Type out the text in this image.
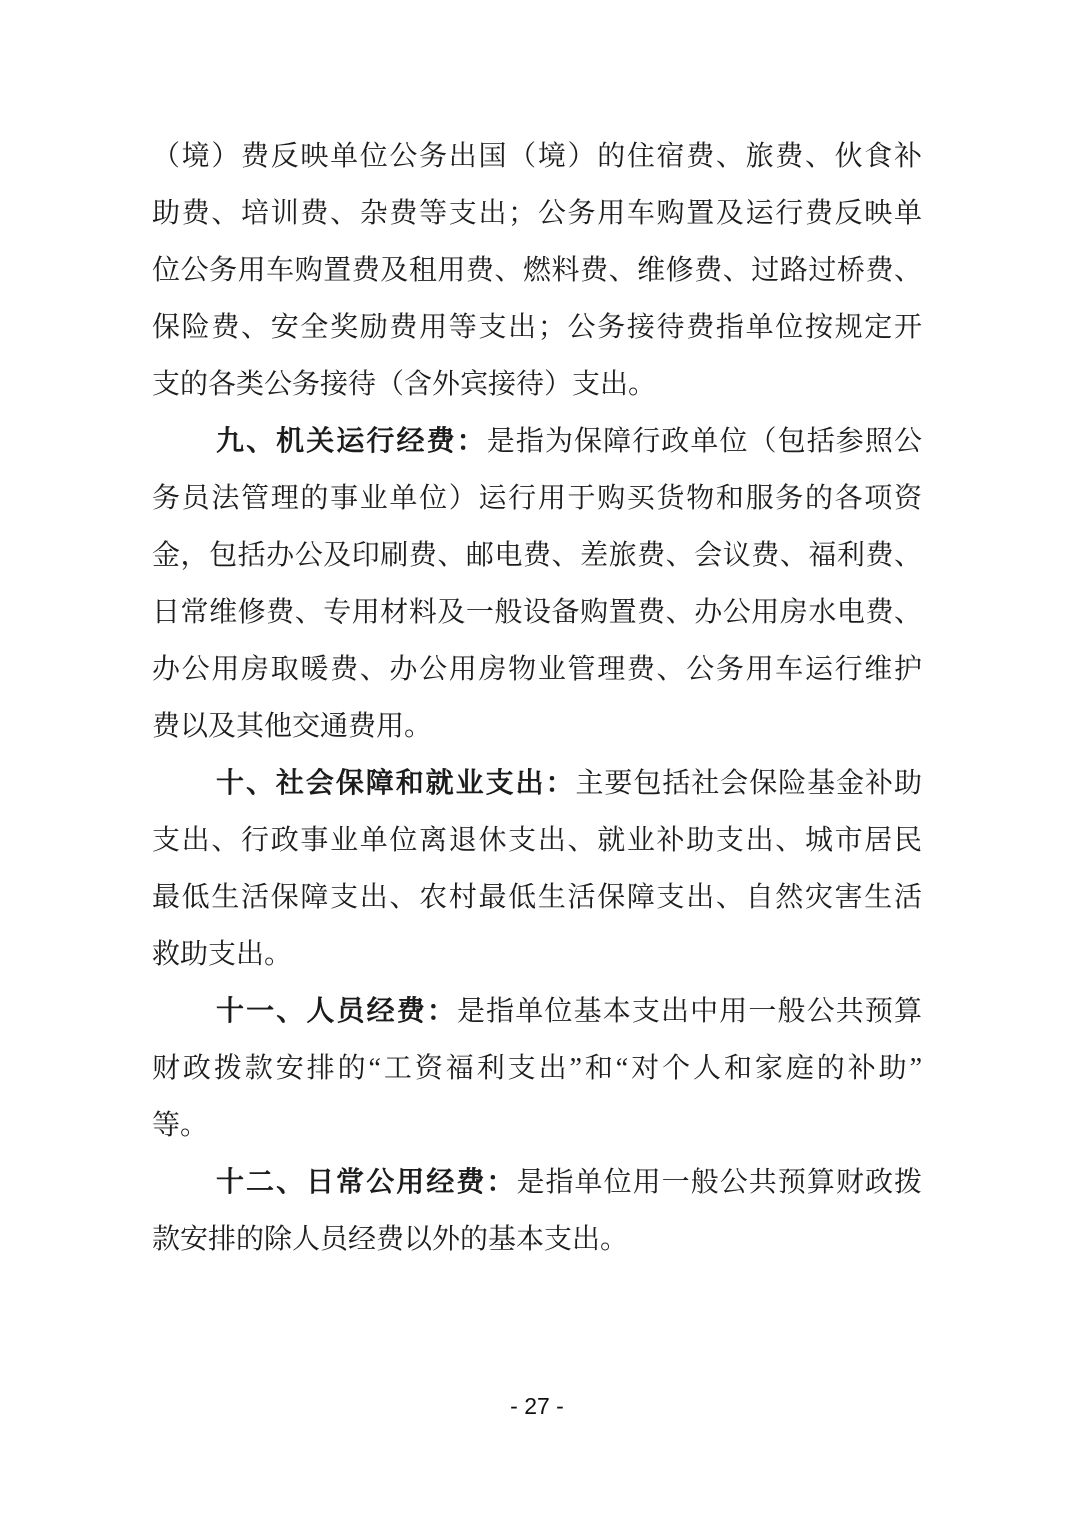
（境）费反映单位公务出国（境）的住宿费、旅费、伙食补
助费、培训费、杂费等支出；公务用车购置及运行费反映单
位公务用车购置费及租用费、燃料费、维修费、过路过桥费、
保险费、安全奖励费用等支出；公务接待费指单位按规定开
支的各类公务接待（含外宾接待）支出。
九、机关运行经费：是指为保障行政单位（包括参照公
务员法管理的事业单位）运行用于购买货物和服务的各项资
金，包括办公及印刷费、邮电费、差旅费、会议费、福利费、
日常维修费、专用材料及一般设备购置费、办公用房水电费、
办公用房取暖费、办公用房物业管理费、公务用车运行维护
费以及其他交通费用。
十、社会保障和就业支出：主要包括社会保险基金补助
支出、行政事业单位离退休支出、就业补助支出、城市居民
最低生活保障支出、农村最低生活保障支出、自然灾害生活
救助支出。
十一、人员经费：是指单位基本支出中用一般公共预算
财政拨款安排的“工资福利支出”和“对个人和家庭的补助”
等。
十二、日常公用经费：是指单位用一般公共预算财政拨
款安排的除人员经费以外的基本支出。
- 27 -
